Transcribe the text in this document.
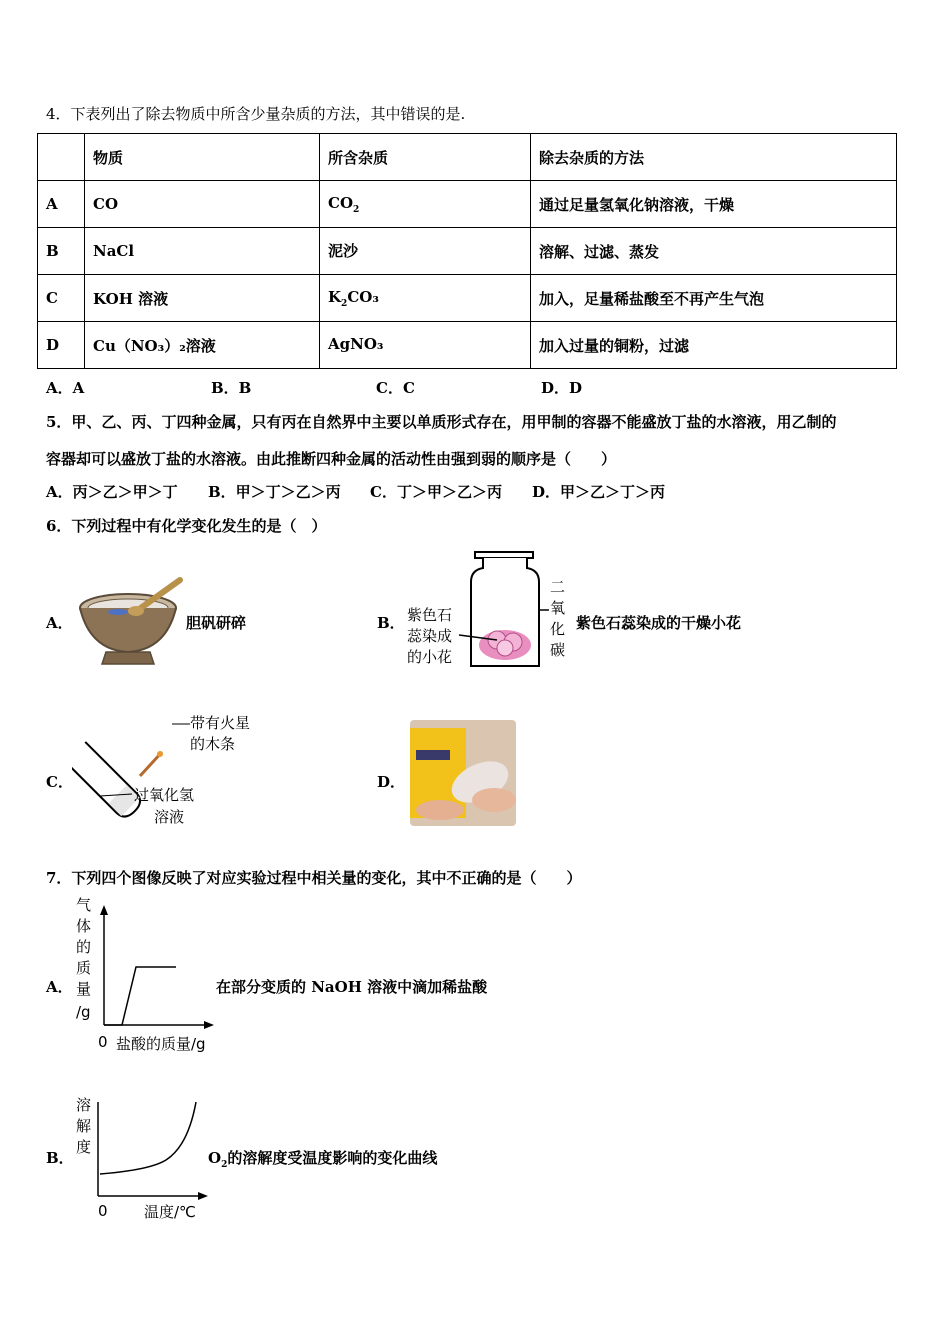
4．下表列出了除去物质中所含少量杂质的方法，其中错误的是.
	物质	所含杂质	除去杂质的方法
A	CO	$CO_2$	通过足量氢氧化钠溶液，干燥
B	NaCl	泥沙	溶解、过滤、蒸发
C	KOH 溶液	$K_2CO_3$	加入，足量稀盐酸至不再产生气泡
D	Cu（NO₃）₂溶液	AgNO₃	加入过量的铜粉，过滤
A．A	B．B	C．C	D．D
5．甲、乙、丙、丁四种金属，只有丙在自然界中主要以单质形式存在，用甲制的容器不能盛放丁盐的水溶液，用乙制的
容器却可以盛放丁盐的水溶液。由此推断四种金属的活动性由强到弱的顺序是（　　）
A．丙＞乙＞甲＞丁 B．甲＞丁＞乙＞丙 C．丁＞甲＞乙＞丙 D．甲＞乙＞丁＞丙
6．下列过程中有化学变化发生的是（　）
A．	胆矾研碎	B． 紫色石
蕊染成
的小花
二
氧
化
碳
紫色石蕊染成的干燥小花
C．
带有火星
的木条
过氧化氢
溶液
D．
7．下列四个图像反映了对应实验过程中相关量的变化，其中不正确的是（　　）
A．
气
体
的
质
量
/g
0 盐酸的质量/g
在部分变质的 NaOH 溶液中滴加稀盐酸
B．
溶
解
度
0 温度/℃
$O_2$的溶解度受温度影响的变化曲线
